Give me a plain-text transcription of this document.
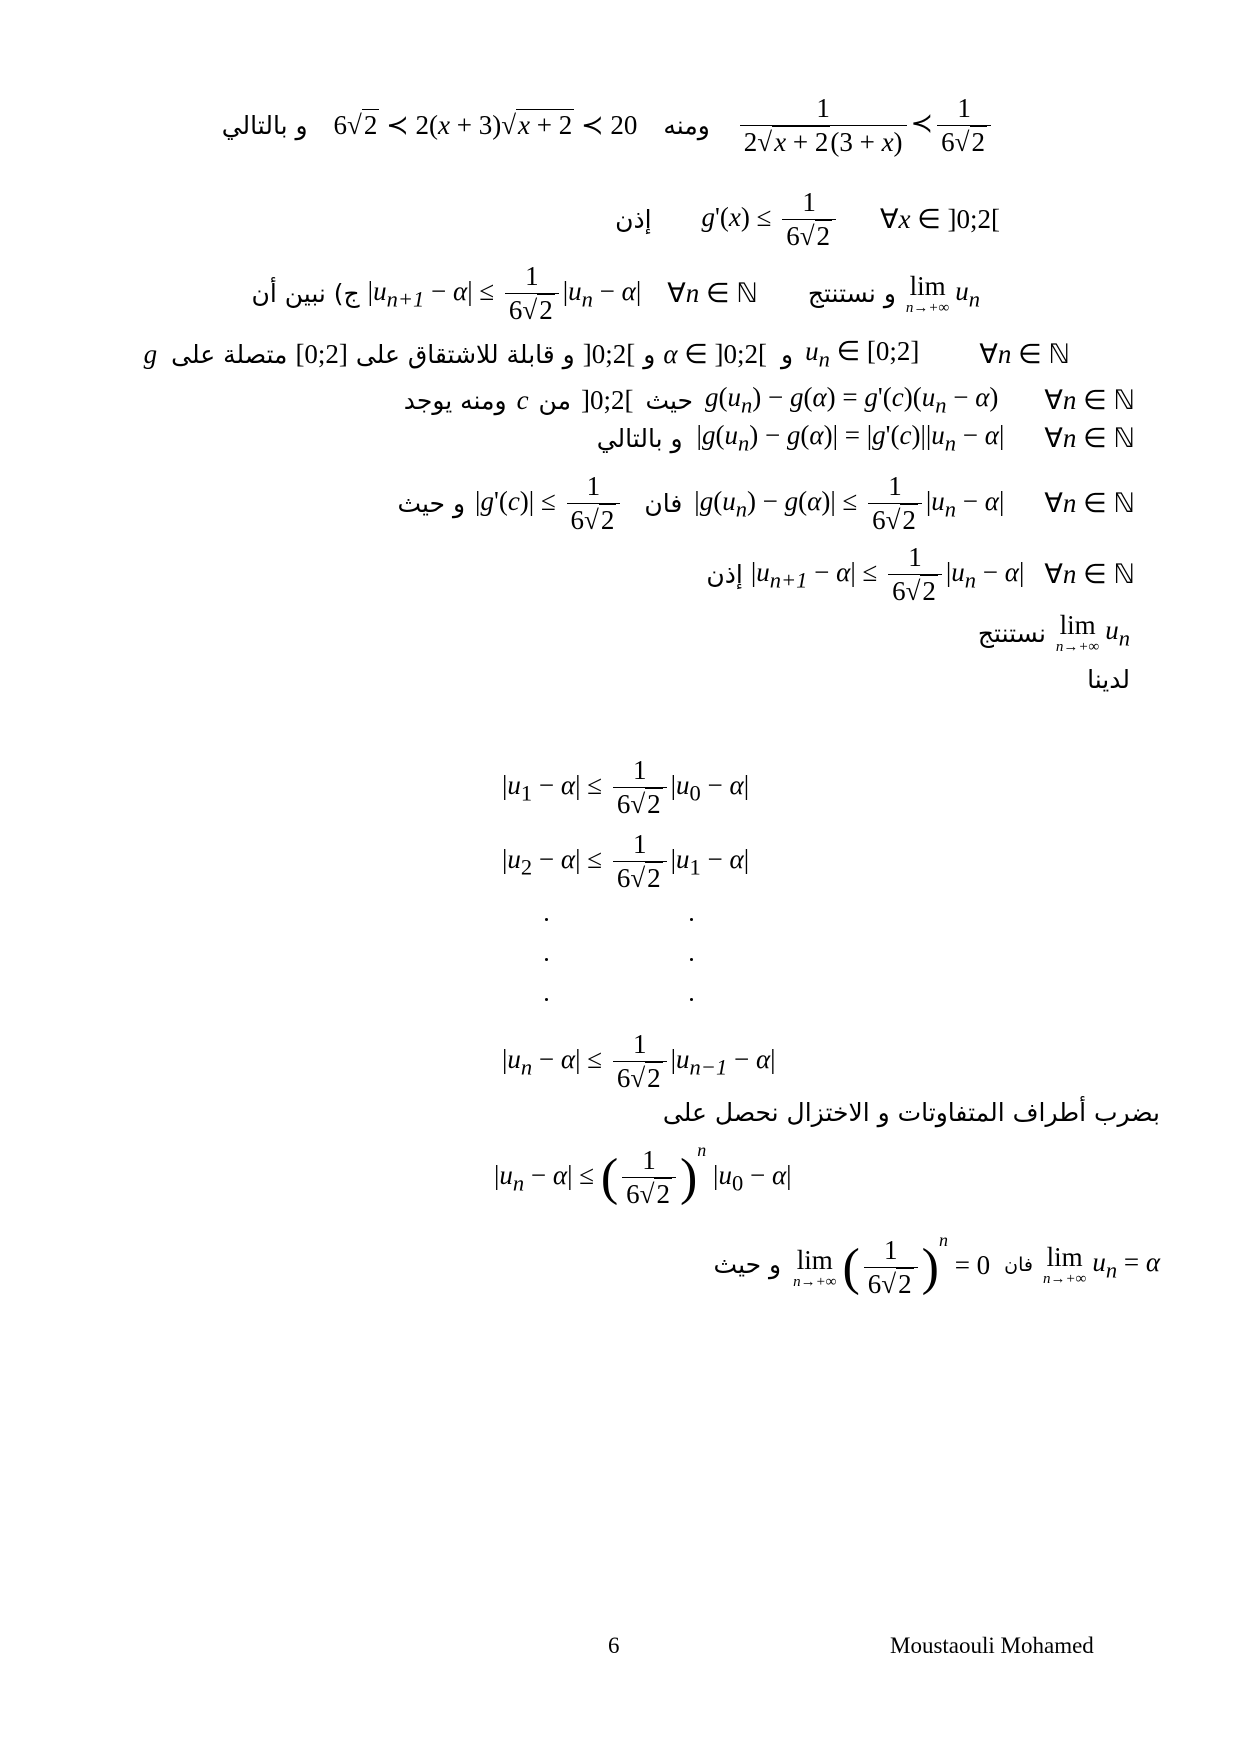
و بالتالي 6√2 ≺ 2(x + 3)√x + 2 ≺ 20 ومنه $\frac{1}{2√x + 2(3 + x)}$ ≺ $\frac{1}{6√2}$
إذن $g'(x) \le \frac{1}{6√2}$ ∀x ∈ ]0;2[
ج) نبين أن $|u_{n+1} - \alpha| \le \frac{1}{6√2} |u_n - \alpha|$ ∀n ∈ ℕ و نستنتج lim
n→+∞
$u_n$
g متصلة على [0;2] و قابلة للاشتقاق على ]0;2[ و α ∈ ]0;2[ و $u_n$ ∈ [0;2] ∀n ∈ ℕ
ومنه يوجد c من ]0;2[ حيث $g(u_n) - g(\alpha) = g'(c)(u_n - \alpha)$ ∀n ∈ ℕ
و بالتالي $|g(u_n) - g(\alpha)| = |g'(c)||u_n - \alpha|$ ∀n ∈ ℕ
و حيث $|g'(c)| \le \frac{1}{6√2}$ فان $|g(u_n) - g(\alpha)| \le \frac{1}{6√2} |u_n - \alpha|$ ∀n ∈ ℕ
إذن $|u_{n+1} - \alpha| \le \frac{1}{6√2} |u_n - \alpha|$ ∀n ∈ ℕ
نستنتج lim
n→+∞
$u_n$
لدينا
$|u_1 - \alpha| \le \frac{1}{6√2} |u_0 - \alpha|$
$|u_2 - \alpha| \le \frac{1}{6√2} |u_1 - \alpha|$
$|u_n - \alpha| \le \frac{1}{6√2} |u_{n-1} - \alpha|$
بضرب أطراف المتفاوتات و الاختزال نحصل على
$|u_n - \alpha|$ ≤ ( $\frac{1}{6√2} )^n$ $|u_0 - \alpha|$
و حيث lim
n→+∞ ( $\frac{1}{6√2} )^n = 0$ فان lim
n→+∞
$u_n = \alpha$
6	Moustaouli Mohamed
